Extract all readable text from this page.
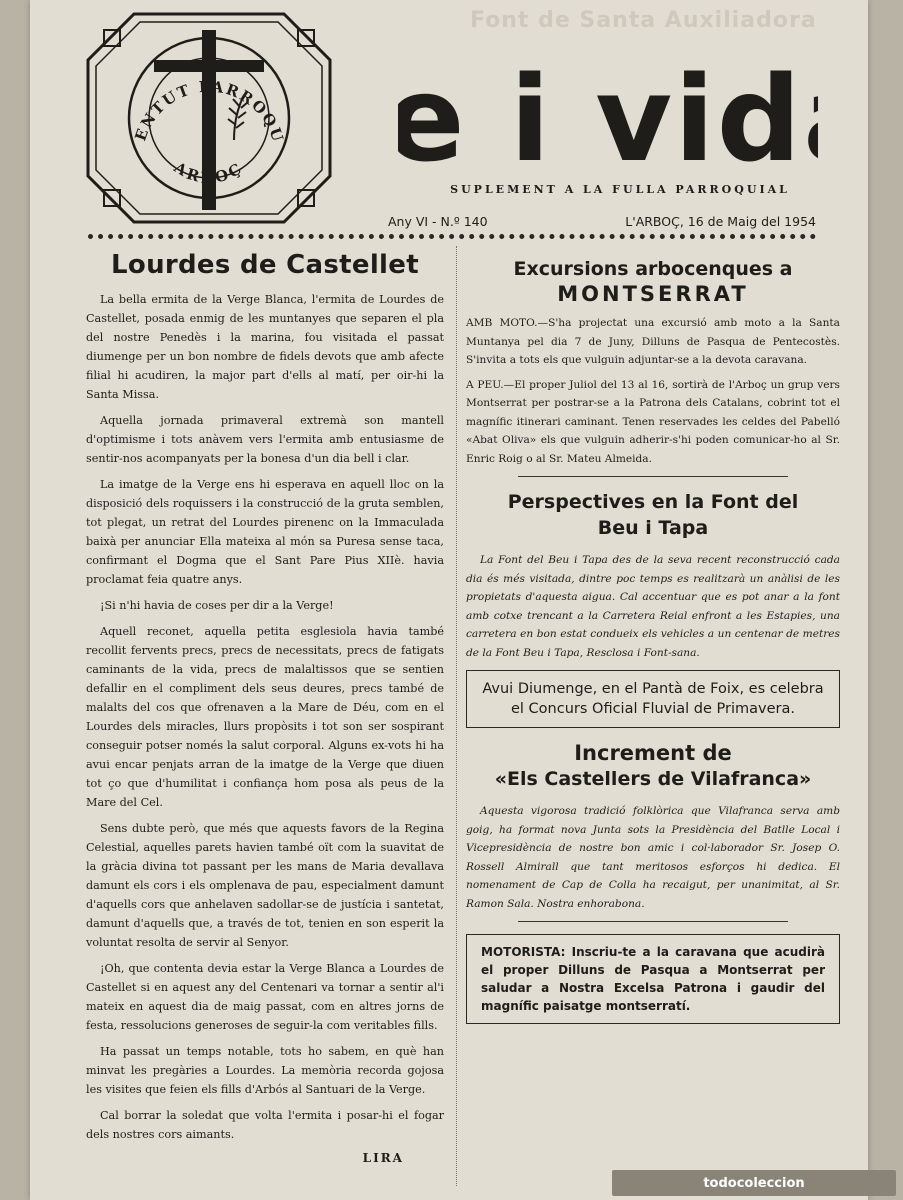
Font de Santa Auxiliadora
ENTUT PARROQU
ARBOÇ	e i vid
SUPLEMENT A LA FULLA PARROQUIAL
Any VI - N.º 140	L'ARBOÇ, 16 de Maig del 1954
Lourdes de Castellet

La bella ermita de la Verge Blanca, l'ermita de Lourdes de Castellet, posada enmig de les muntanyes que separen el pla del nostre Penedès i la marina, fou visitada el passat diumenge per un bon nombre de fidels devots que amb afecte filial hi acudiren, la major part d'ells al matí, per oir-hi la Santa Missa.

Aquella jornada primaveral extremà son mantell d'optimisme i tots anàvem vers l'ermita amb entusiasme de sentir-nos acompanyats per la bonesa d'un dia bell i clar.

La imatge de la Verge ens hi esperava en aquell lloc on la disposició dels roquissers i la construcció de la gruta semblen, tot plegat, un retrat del Lourdes pirenenc on la Immaculada baixà per anunciar Ella mateixa al món sa Puresa sense taca, confirmant el Dogma que el Sant Pare Pius XIIè. havia proclamat feia quatre anys.

¡Si n'hi havia de coses per dir a la Verge!

Aquell reconet, aquella petita esglesiola havia també recollit fervents precs, precs de necessitats, precs de fatigats caminants de la vida, precs de malaltissos que se sentien defallir en el compliment dels seus deures, precs també de malalts del cos que ofrenaven a la Mare de Déu, com en el Lourdes dels miracles, llurs propòsits i tot son ser sospirant conseguir potser només la salut corporal. Alguns ex-vots hi ha avui encar penjats arran de la imatge de la Verge que diuen tot ço que d'humilitat i confiança hom posa als peus de la Mare del Cel.

Sens dubte però, que més que aquests favors de la Regina Celestial, aquelles parets havien també oït com la suavitat de la gràcia divina tot passant per les mans de Maria devallava damunt els cors i els omplenava de pau, especialment damunt d'aquells cors que anhelaven sadollar-se de justícia i santetat, damunt d'aquells que, a través de tot, tenien en son esperit la voluntat resolta de servir al Senyor.

¡Oh, que contenta devia estar la Verge Blanca a Lourdes de Castellet si en aquest any del Centenari va tornar a sentir al'i mateix en aquest dia de maig passat, com en altres jorns de festa, ressolucions generoses de seguir-la com veritables fills.

Ha passat un temps notable, tots ho sabem, en què han minvat les pregàries a Lourdes. La memòria recorda gojosa les visites que feien els fills d'Arbós al Santuari de la Verge.

Cal borrar la soledat que volta l'ermita i posar-hi el fogar dels nostres cors aimants.

LIRA
Excursions arbocenques a
MONTSERRAT

AMB MOTO.—S'ha projectat una excursió amb moto a la Santa Muntanya pel dia 7 de Juny, Dilluns de Pasqua de Pentecostès. S'invita a tots els que vulguin adjuntar-se a la devota caravana.

A PEU.—El proper Juliol del 13 al 16, sortirà de l'Arboç un grup vers Montserrat per postrar-se a la Patrona dels Catalans, cobrint tot el magnífic itinerari caminant. Tenen reservades les celdes del Pabelló «Abat Oliva» els que vulguin adherir-s'hi poden comunicar-ho al Sr. Enric Roig o al Sr. Mateu Almeida.

Perspectives en la Font del
Beu i Tapa

La Font del Beu i Tapa des de la seva recent reconstrucció cada dia és més visitada, dintre poc temps es realitzarà un anàlisi de les propietats d'aquesta aigua. Cal accentuar que es pot anar a la font amb cotxe trencant a la Carretera Reial enfront a les Estapies, una carretera en bon estat condueix els vehicles a un centenar de metres de la Font Beu i Tapa, Resclosa i Font-sana.

Avui Diumenge, en el Pantà de Foix, es celebra el Concurs Oficial Fluvial de Primavera.
Increment de
«Els Castellers de Vilafranca»

Aquesta vigorosa tradició folklòrica que Vilafranca serva amb goig, ha format nova Junta sots la Presidència del Batlle Local i Vicepresidència de nostre bon amic i col·laborador Sr. Josep O. Rossell Almirall que tant meritosos esforços hi dedica. El nomenament de Cap de Colla ha recaigut, per unanimitat, al Sr. Ramon Sala. Nostra enhorabona.

MOTORISTA: Inscriu-te a la caravana que acudirà el proper Dilluns de Pasqua a Montserrat per saludar a Nostra Excelsa Patrona i gaudir del magnífic paisatge montserratí.
todocoleccion
